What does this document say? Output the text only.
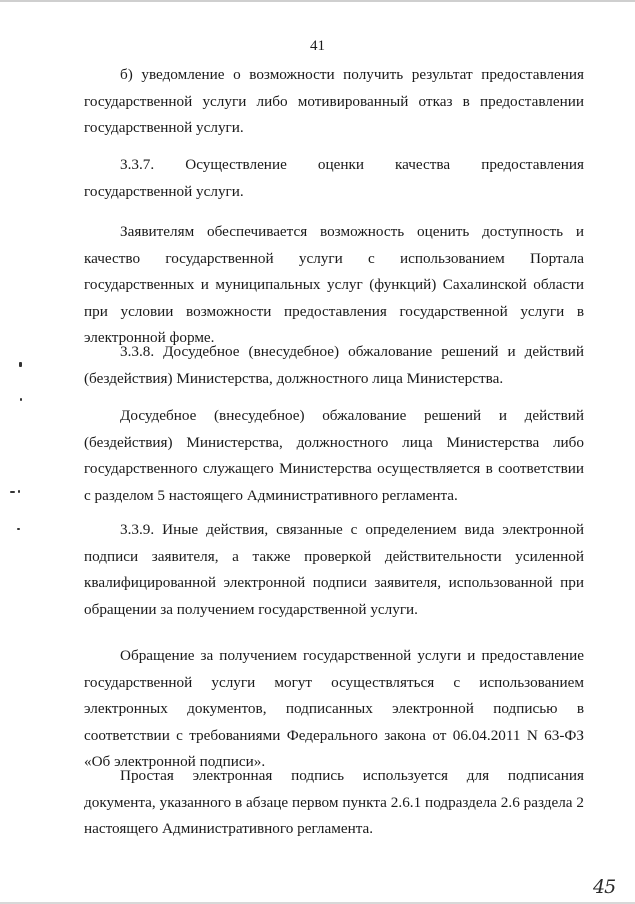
41

б) уведомление о возможности получить результат предоставления государственной услуги либо мотивированный отказ в предоставлении государственной услуги.

3.3.7. Осуществление оценки качества предоставления государственной услуги.

Заявителям обеспечивается возможность оценить доступность и качество государственной услуги с использованием Портала государственных и муниципальных услуг (функций) Сахалинской области при условии возможности предоставления государственной услуги в электронной форме.

3.3.8. Досудебное (внесудебное) обжалование решений и действий (бездействия) Министерства, должностного лица Министерства.

Досудебное (внесудебное) обжалование решений и действий (бездействия) Министерства, должностного лица Министерства либо государственного служащего Министерства осуществляется в соответствии с разделом 5 настоящего Административного регламента.

3.3.9. Иные действия, связанные с определением вида электронной подписи заявителя, а также проверкой действительности усиленной квалифицированной электронной подписи заявителя, использованной при обращении за получением государственной услуги.

Обращение за получением государственной услуги и предоставление государственной услуги могут осуществляться с использованием электронных документов, подписанных электронной подписью в соответствии с требованиями Федерального закона от 06.04.2011 N 63-ФЗ «Об электронной подписи».

Простая электронная подпись используется для подписания документа, указанного в абзаце первом пункта 2.6.1 подраздела 2.6 раздела 2 настоящего Административного регламента.

45
